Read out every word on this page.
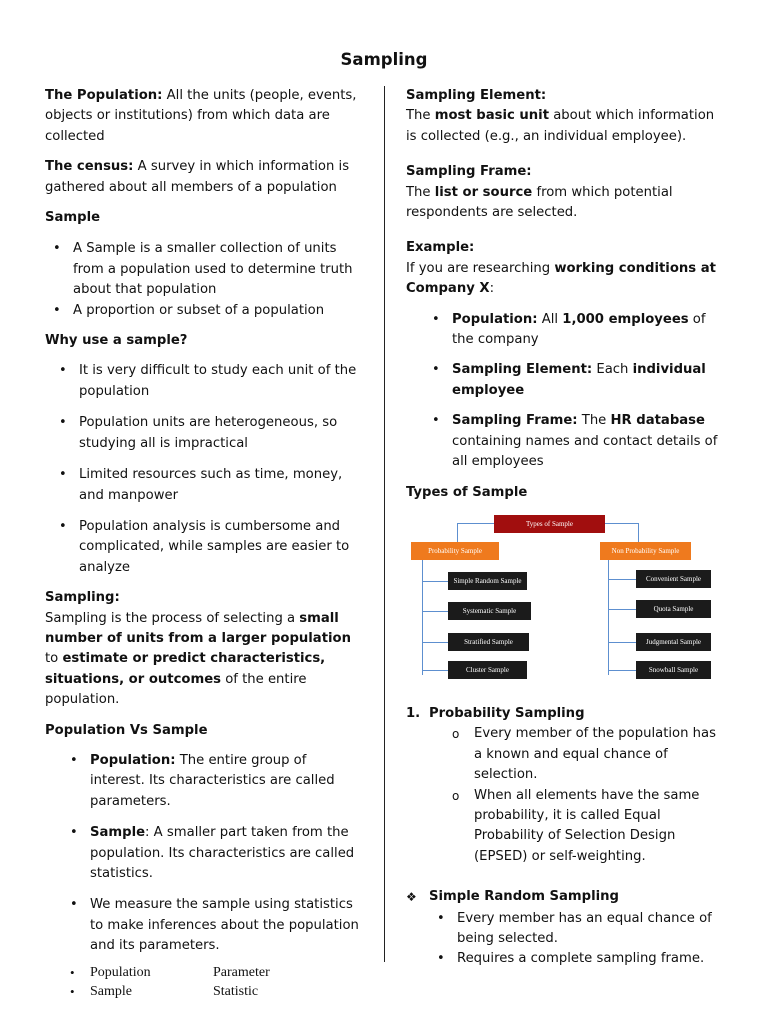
Sampling

The Population: All the units (people, events, objects or institutions) from which data are collected

The census: A survey in which information is gathered about all members of a population

Sample

• A Sample is a smaller collection of units from a population used to determine truth about that population
• A proportion or subset of a population

Why use a sample?

• It is very difficult to study each unit of the population
• Population units are heterogeneous, so studying all is impractical
• Limited resources such as time, money, and manpower
• Population analysis is cumbersome and complicated, while samples are easier to analyze

Sampling:

Sampling is the process of selecting a small number of units from a larger population to estimate or predict characteristics, situations, or outcomes of the entire population.

Population Vs Sample

• Population: The entire group of interest. Its characteristics are called parameters.
• Sample: A smaller part taken from the population. Its characteristics are called statistics.
• We measure the sample using statistics to make inferences about the population and its parameters.
• Population	Parameter
• Sample	Statistic

Sampling Element:

The most basic unit about which information is collected (e.g., an individual employee).

Sampling Frame:

The list or source from which potential respondents are selected.

Example:

If you are researching working conditions at Company X:

• Population: All 1,000 employees of the company
• Sampling Element: Each individual employee
• Sampling Frame: The HR database containing names and contact details of all employees

Types of Sample

Types of Sample
Probability Sample	Non Probability Sample
Simple Random Sample
Systematic Sample
Stratified Sample
Cluster Sample
Convenient Sample
Quota Sample
Judgmental Sample
Snowball Sample
1. Probability Sampling
o Every member of the population has a known and equal chance of selection.
o When all elements have the same probability, it is called Equal Probability of Selection Design (EPSED) or self-weighting.
❖ Simple Random Sampling
• Every member has an equal chance of being selected.
• Requires a complete sampling frame.
